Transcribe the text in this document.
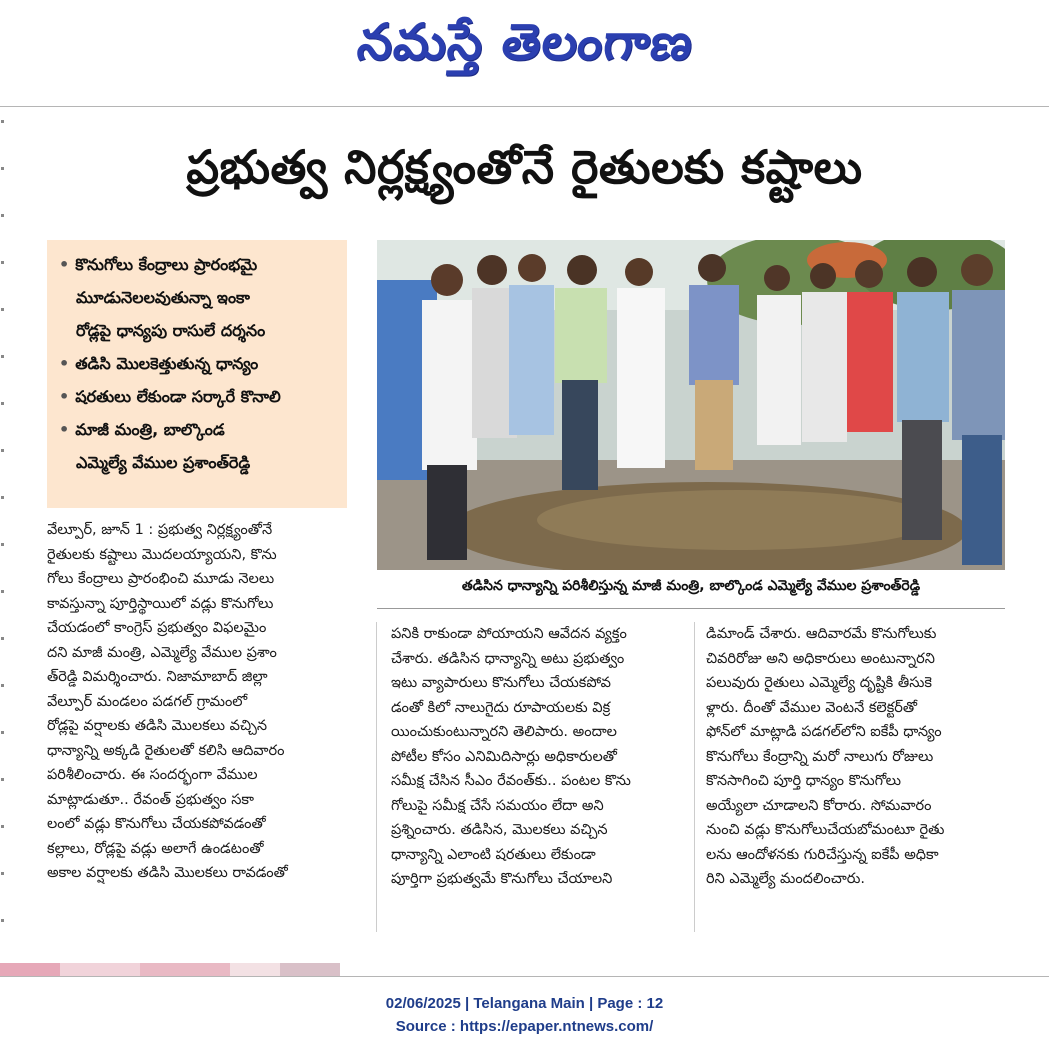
నమస్తే తెలంగాణ
ప్రభుత్వ నిర్లక్ష్యంతోనే రైతులకు కష్టాలు
• కొనుగోలు కేంద్రాలు ప్రారంభమై
మూడునెలలవుతున్నా ఇంకా
రోడ్లపై ధాన్యపు రాసులే దర్శనం
• తడిసి మొలకెత్తుతున్న ధాన్యం
• షరతులు లేకుండా సర్కారే కొనాలి
• మాజీ మంత్రి, బాల్కొండ
ఎమ్మెల్యే వేముల ప్రశాంత్‌రెడ్డి
తడిసిన ధాన్యాన్ని పరిశీలిస్తున్న మాజీ మంత్రి, బాల్కొండ ఎమ్మెల్యే వేముల ప్రశాంత్‌రెడ్డి
వేల్పూర్, జూన్ 1 : ప్రభుత్వ నిర్లక్ష్యంతోనే
రైతులకు కష్టాలు మొదలయ్యాయని, కొను
గోలు కేంద్రాలు ప్రారంభించి మూడు నెలలు
కావస్తున్నా పూర్తిస్థాయిలో వడ్లు కొనుగోలు
చేయడంలో కాంగ్రెస్ ప్రభుత్వం విఫలమైం
దని మాజీ మంత్రి, ఎమ్మెల్యే వేముల ప్రశాం
త్‌రెడ్డి విమర్శించారు. నిజామాబాద్ జిల్లా
వేల్పూర్ మండలం పడగల్ గ్రామంలో
రోడ్లపై వర్షాలకు తడిసి మొలకలు వచ్చిన
ధాన్యాన్ని అక్కడి రైతులతో కలిసి ఆదివారం
పరిశీలించారు. ఈ సందర్భంగా వేముల
మాట్లాడుతూ.. రేవంత్ ప్రభుత్వం సకా
లంలో వడ్లు కొనుగోలు చేయకపోవడంతో
కల్లాలు, రోడ్లపై వడ్లు అలాగే ఉండటంతో
అకాల వర్షాలకు తడిసి మొలకలు రావడంతో
పనికి రాకుండా పోయాయని ఆవేదన వ్యక్తం
చేశారు. తడిసిన ధాన్యాన్ని అటు ప్రభుత్వం
ఇటు వ్యాపారులు కొనుగోలు చేయకపోవ
డంతో కిలో నాలుగైదు రూపాయలకు విక్ర
యించుకుంటున్నారని తెలిపారు. అందాల
పోటీల కోసం ఎనిమిదిసార్లు అధికారులతో
సమీక్ష చేసిన సీఎం రేవంత్‌కు.. పంటల కొను
గోలుపై సమీక్ష చేసే సమయం లేదా అని
ప్రశ్నించారు. తడిసిన, మొలకలు వచ్చిన
ధాన్యాన్ని ఎలాంటి షరతులు లేకుండా
పూర్తిగా ప్రభుత్వమే కొనుగోలు చేయాలని
డిమాండ్ చేశారు. ఆదివారమే కొనుగోలుకు
చివరిరోజు అని అధికారులు అంటున్నారని
పలువురు రైతులు ఎమ్మెల్యే దృష్టికి తీసుకె
ళ్లారు. దీంతో వేముల వెంటనే కలెక్టర్‌తో
ఫోన్‌లో మాట్లాడి పడగల్‌లోని ఐకేపీ ధాన్యం
కొనుగోలు కేంద్రాన్ని మరో నాలుగు రోజులు
కొనసాగించి పూర్తి ధాన్యం కొనుగోలు
అయ్యేలా చూడాలని కోరారు. సోమవారం
నుంచి వడ్లు కొనుగోలుచేయబోమంటూ రైతు
లను ఆందోళనకు గురిచేస్తున్న ఐకేపీ అధికా
రిని ఎమ్మెల్యే మందలించారు.
02/06/2025 | Telangana Main | Page : 12
Source : https://epaper.ntnews.com/
